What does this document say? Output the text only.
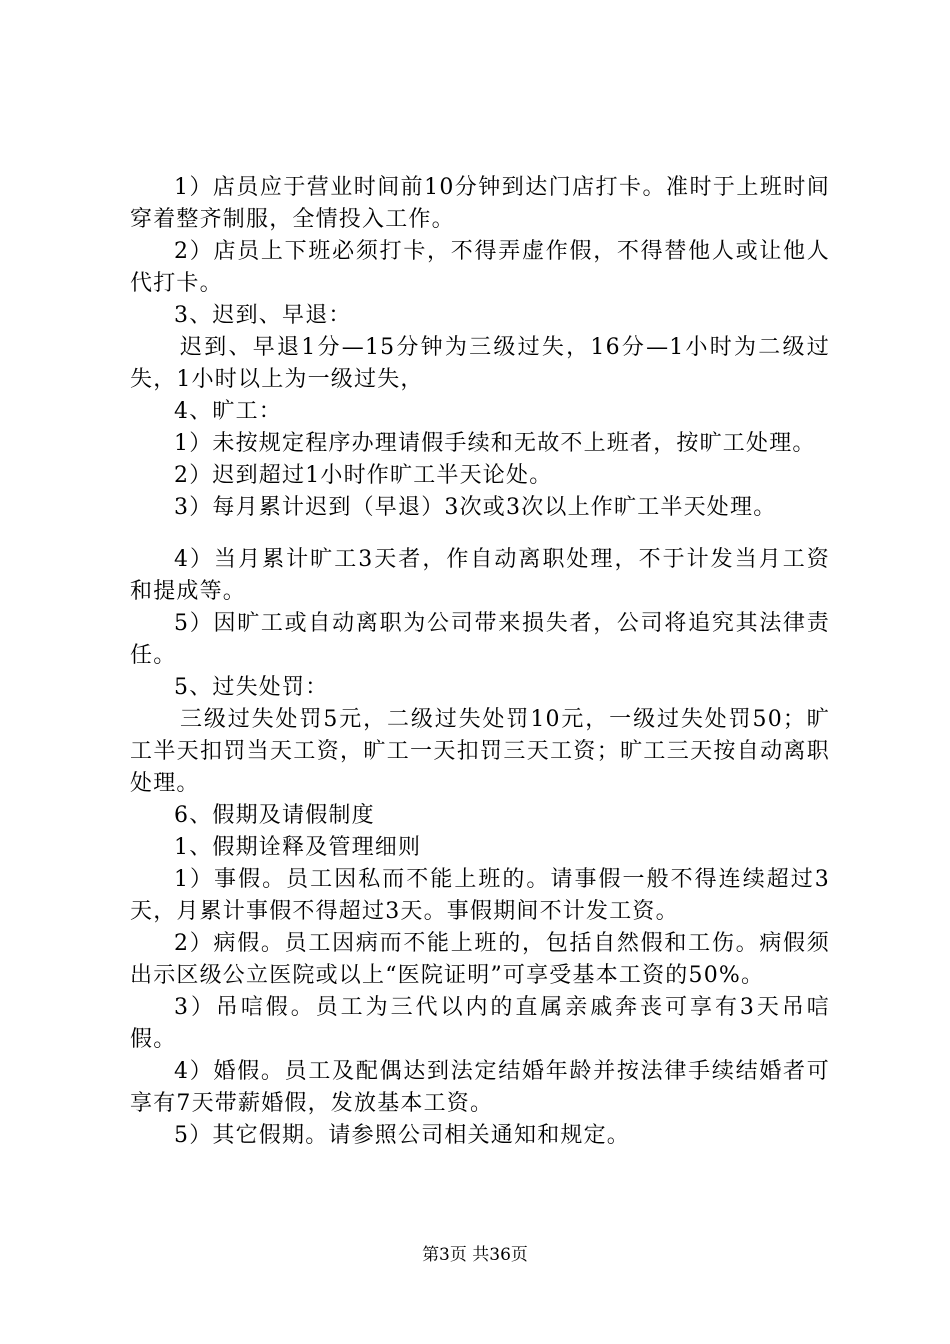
1）店员应于营业时间前10分钟到达门店打卡。准时于上班时间穿着整齐制服，全情投入工作。

2）店员上下班必须打卡，不得弄虚作假，不得替他人或让他人代打卡。

3、迟到、早退：

迟到、早退1分—15分钟为三级过失，16分—1小时为二级过失，1小时以上为一级过失，

4、旷工：

1）未按规定程序办理请假手续和无故不上班者，按旷工处理。

2）迟到超过1小时作旷工半天论处。

3）每月累计迟到（早退）3次或3次以上作旷工半天处理。

4）当月累计旷工3天者，作自动离职处理，不于计发当月工资和提成等。

5）因旷工或自动离职为公司带来损失者，公司将追究其法律责任。

5、过失处罚：

三级过失处罚5元，二级过失处罚10元，一级过失处罚50；旷工半天扣罚当天工资，旷工一天扣罚三天工资；旷工三天按自动离职处理。

6、假期及请假制度

1、假期诠释及管理细则

1）事假。员工因私而不能上班的。请事假一般不得连续超过3天，月累计事假不得超过3天。事假期间不计发工资。

2）病假。员工因病而不能上班的，包括自然假和工伤。病假须出示区级公立医院或以上“医院证明”可享受基本工资的50%。

3）吊唁假。员工为三代以内的直属亲戚奔丧可享有3天吊唁假。

4）婚假。员工及配偶达到法定结婚年龄并按法律手续结婚者可享有7天带薪婚假，发放基本工资。

5）其它假期。请参照公司相关通知和规定。

第3页 共36页
